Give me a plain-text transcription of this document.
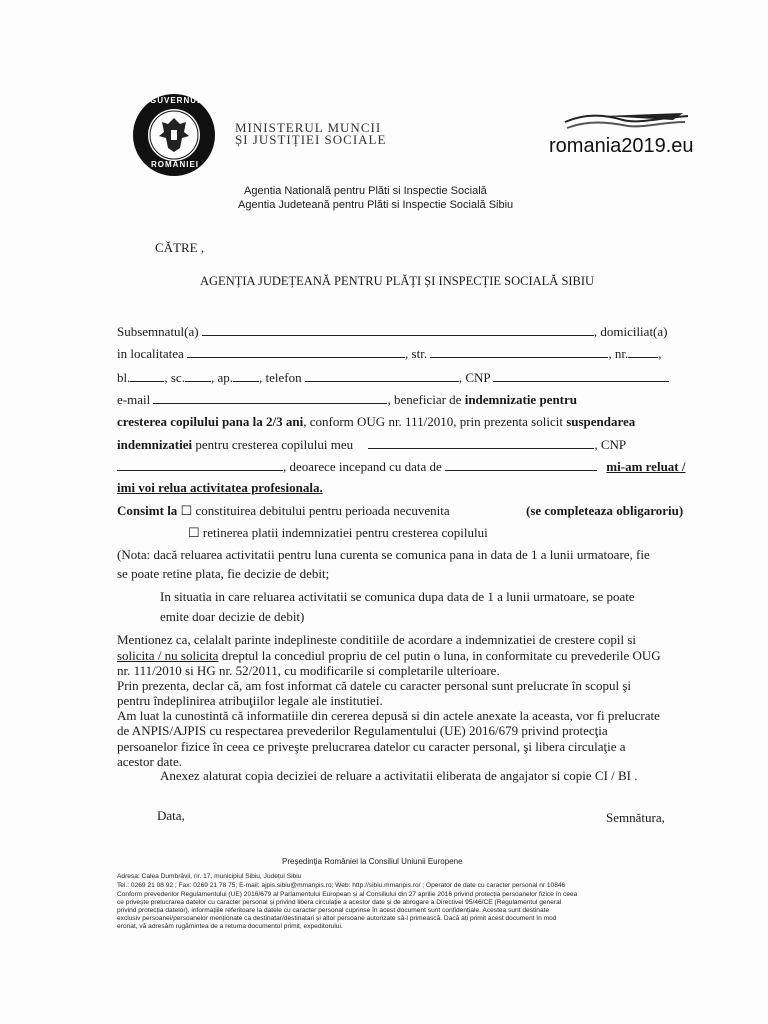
GUVERNUL
ROMÂNIEI
MINISTERUL MUNCII
ȘI JUSTIȚIEI SOCIALE	romania2019.eu
Agentia Natională pentru Plăti si Inspectie Socială
Agentia Judeteană pentru Plăti si Inspectie Socială Sibiu
CĂTRE ,
AGENȚIA JUDEȚEANĂ PENTRU PLĂȚI ȘI INSPECȚIE SOCIALĂ SIBIU
Subsemnatul(a)	, domiciliat(a)
in localitatea	, str.	, nr. ,
bl.	, sc. , ap. , telefon	, CNP
e-mail	, beneficiar de indemnizatie pentru
cresterea copilului pana la 2/3 ani, conform OUG nr. 111/2010, prin prezenta solicit suspendarea
indemnizatiei pentru cresterea copilului meu	, CNP
, deoarece incepand cu data de	mi-am reluat /
imi voi relua activitatea profesionala.
Consimt la ☐ constituirea debitului pentru perioada necuvenita	(se completeaza obligaroriu)
☐ retinerea platii indemnizatiei pentru cresterea copilului
(Nota: dacă reluarea activitatii pentru luna curenta se comunica pana in data de 1 a lunii urmatoare, fie
se poate retine plata, fie decizie de debit;
In situatia in care reluarea activitatii se comunica dupa data de 1 a lunii urmatoare, se poate
emite doar decizie de debit)
Mentionez ca, celalalt parinte indeplineste conditiile de acordare a indemnizatiei de crestere copil si
solicita / nu solicita dreptul la concediul propriu de cel putin o luna, in conformitate cu prevederile OUG
nr. 111/2010 si HG nr. 52/2011, cu modificarile si completarile ulterioare.
Prin prezenta, declar că, am fost informat că datele cu caracter personal sunt prelucrate în scopul şi
pentru îndeplinirea atribuţiilor legale ale institutiei.
Am luat la cunostintă că informatiile din cererea depusă si din actele anexate la aceasta, vor fi prelucrate
de ANPIS/AJPIS cu respectarea prevederilor Regulamentului (UE) 2016/679 privind protecţia
persoanelor fizice în ceea ce priveşte prelucrarea datelor cu caracter personal, şi libera circulaţie a
acestor date.
Anexez alaturat copia deciziei de reluare a activitatii eliberata de angajator si copie CI / BI .
Data,	Semnătura,
Președinția României la Consiliul Uniunii Europene
Adresa: Calea Dumbrăvii, nr. 17, municipiul Sibiu, Județul Sibiu
Tel.: 0269 21 08 92 ; Fax: 0269 21 78 75; E-mail: ajpis.sibiu@mmanpis.ro; Web: http://sibiu.mmanpis.ro/ ; Operator de date cu caracter personal nr 10846
Conform prevederilor Regulamentului (UE) 2016/679 al Parlamentului European și al Consiliului din 27 aprilie 2016 privind protecția persoanelor fizice în ceea
ce privește prelucrarea datelor cu caracter personal și privind libera circulație a acestor date și de abrogare a Directivei 95/46/CE (Regulamentul general
privind protecția datelor), informațiile referitoare la datele cu caracter personal cuprinse în acest document sunt confidențiale. Acestea sunt destinate
exclusiv persoanei/persoanelor menționate ca destinatar/destinatari și altor persoane autorizate să-l primească. Dacă ați primit acest document în mod
eronat, vă adresăm rugămintea de a returna documentul primit, expeditorului.
